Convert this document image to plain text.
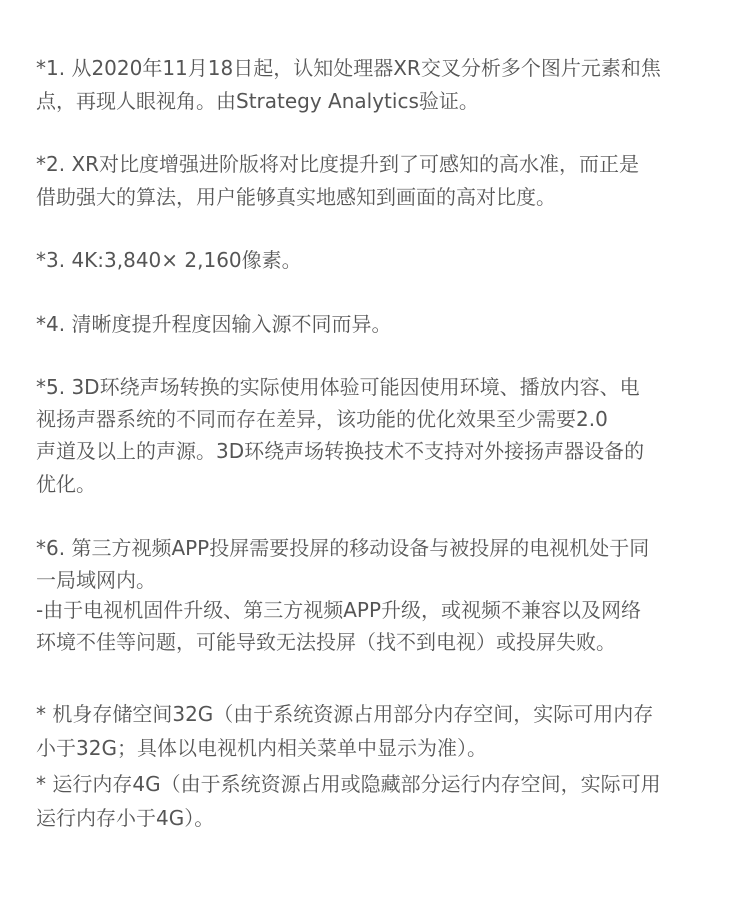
*1. 从2020年11月18日起，认知处理器XR交叉分析多个图片元素和焦
点，再现人眼视角。由Strategy Analytics验证。
*2. XR对比度增强进阶版将对比度提升到了可感知的高水准，而正是
借助强大的算法，用户能够真实地感知到画面的高对比度。
*3. 4K:3,840× 2,160像素。
*4. 清晰度提升程度因输入源不同而异。
*5. 3D环绕声场转换的实际使用体验可能因使用环境、播放内容、电
视扬声器系统的不同而存在差异，该功能的优化效果至少需要2.0
声道及以上的声源。3D环绕声场转换技术不支持对外接扬声器设备的
优化。
*6. 第三方视频APP投屏需要投屏的移动设备与被投屏的电视机处于同
一局域网内。
-由于电视机固件升级、第三方视频APP升级，或视频不兼容以及网络
环境不佳等问题，可能导致无法投屏（找不到电视）或投屏失败。
* 机身存储空间32G（由于系统资源占用部分内存空间，实际可用内存
小于32G；具体以电视机内相关菜单中显示为准）。
* 运行内存4G（由于系统资源占用或隐藏部分运行内存空间，实际可用
运行内存小于4G）。
